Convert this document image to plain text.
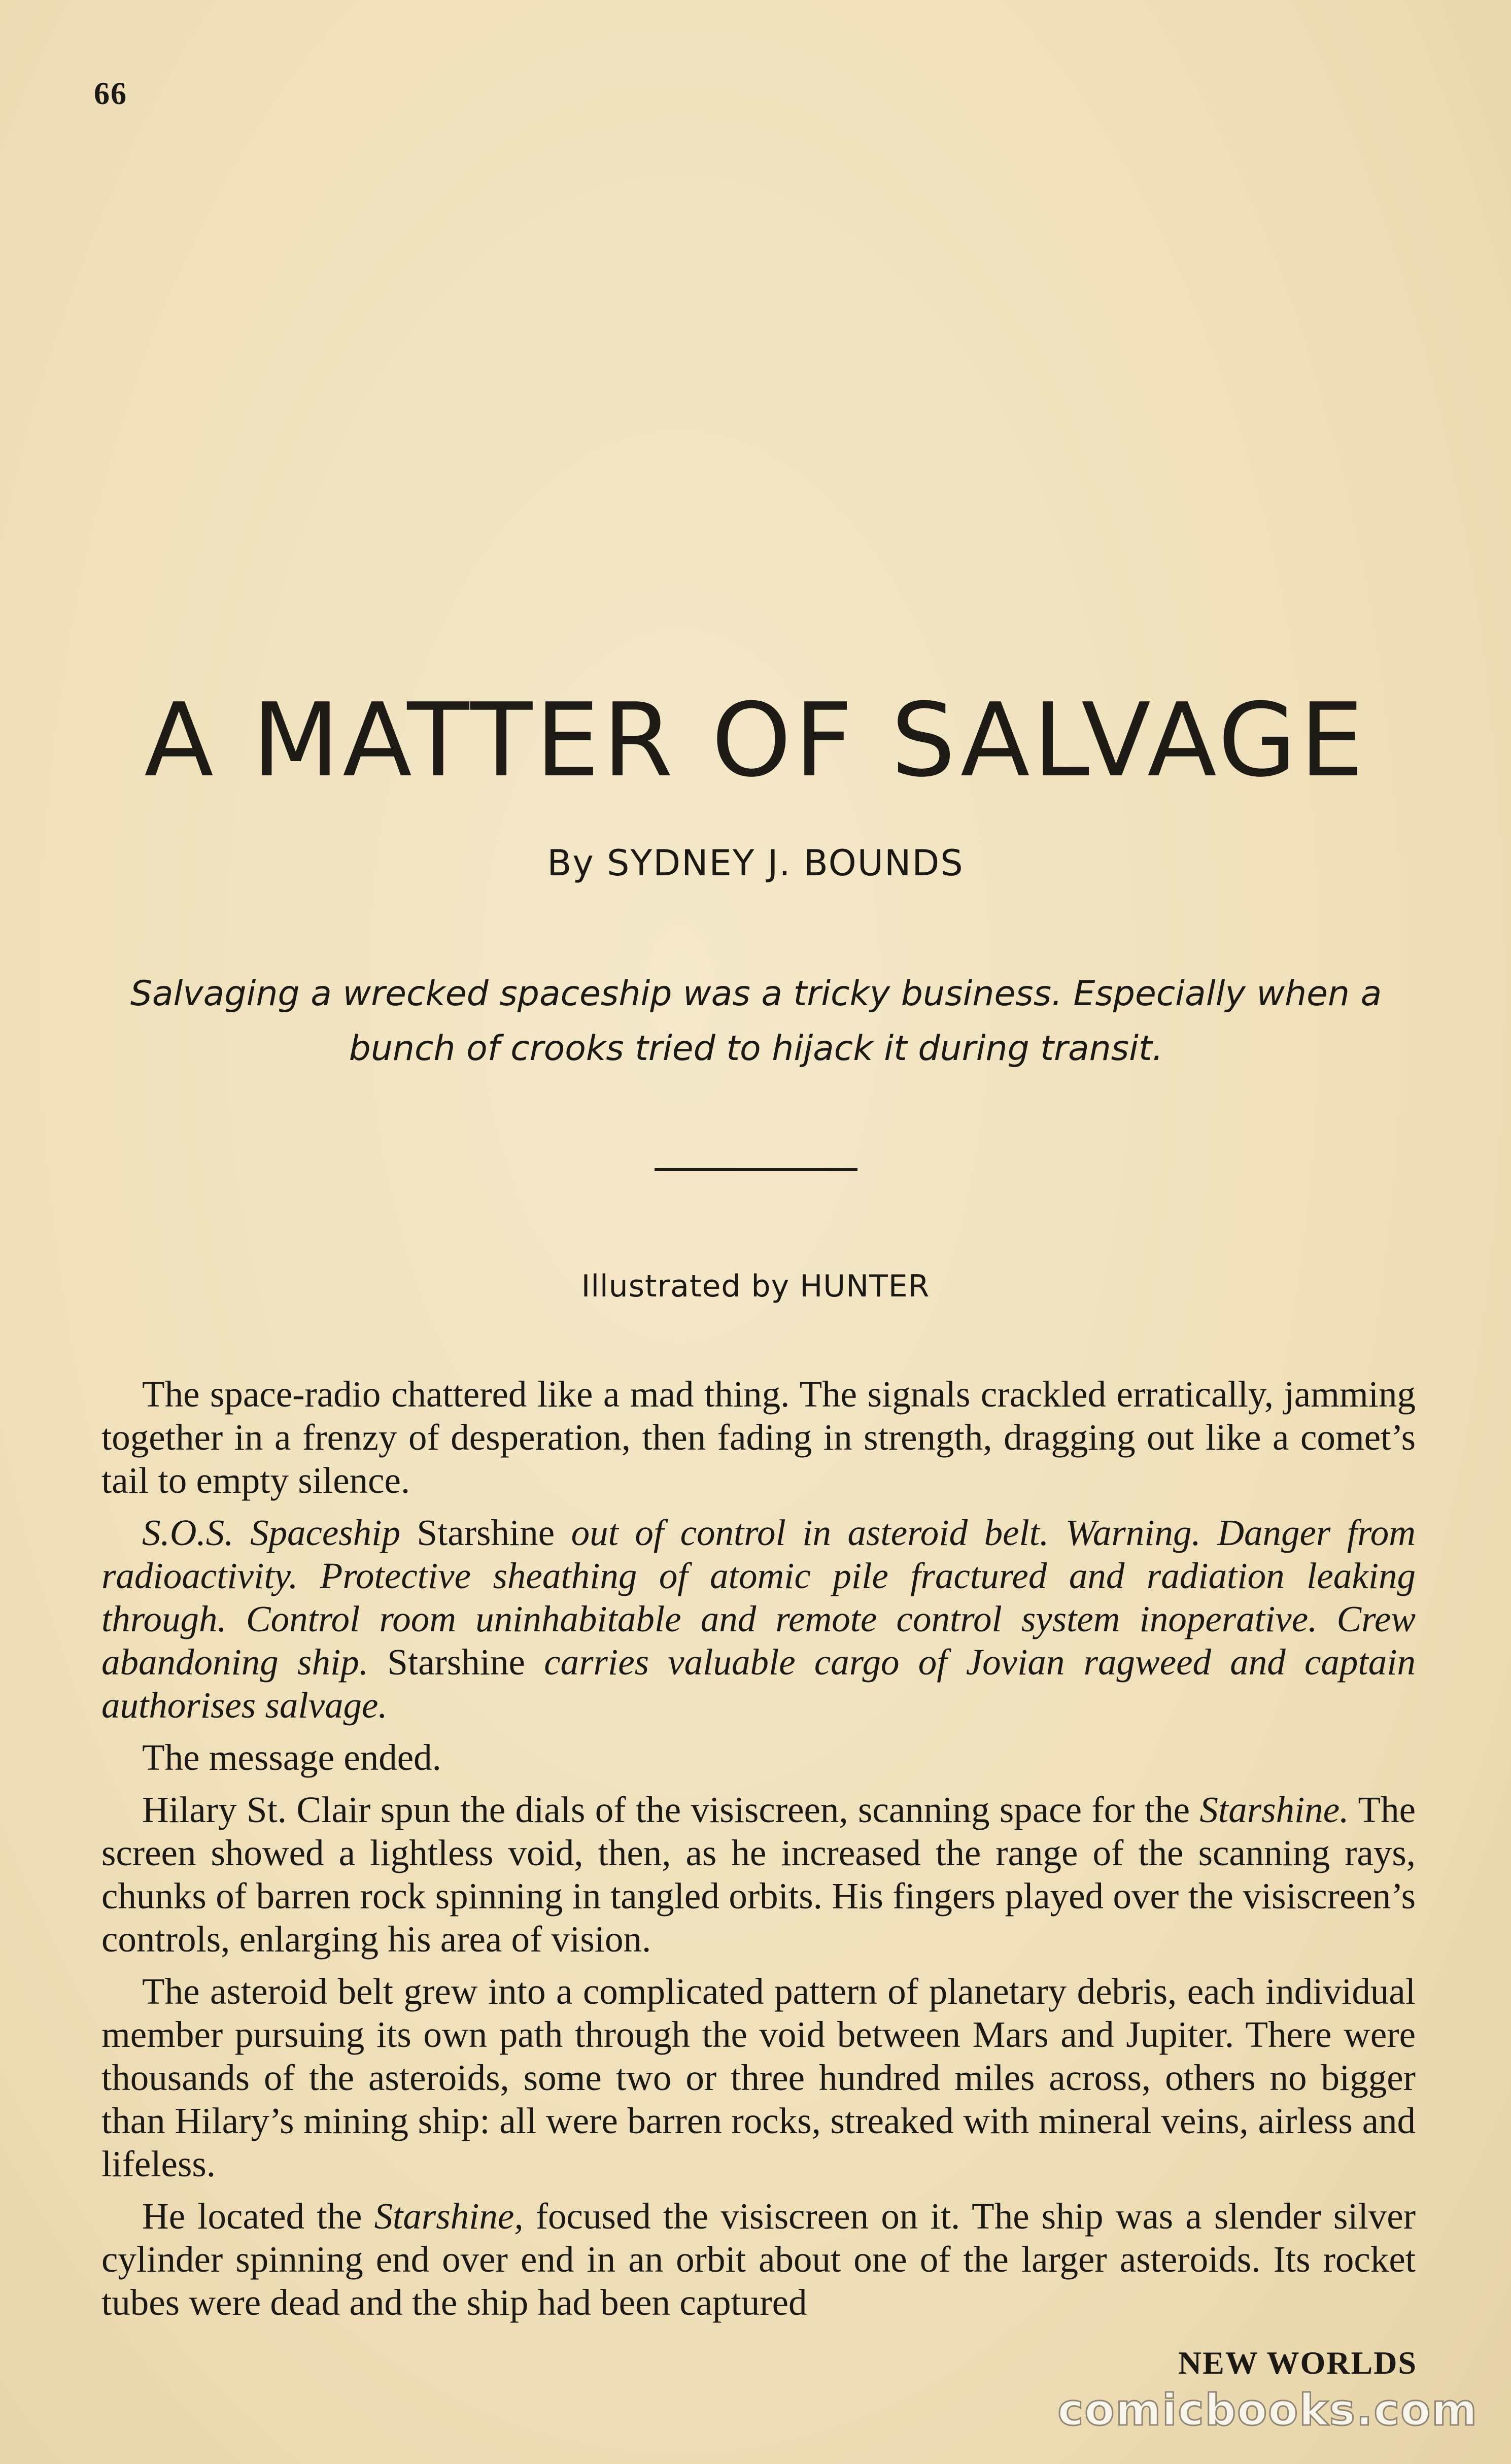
66
A MATTER OF SALVAGE
By SYDNEY J. BOUNDS
Salvaging a wrecked spaceship was a tricky business. Especially when a
bunch of crooks tried to hijack it during transit.
Illustrated by HUNTER

The space-radio chattered like a mad thing. The signals crackled erratically, jamming together in a frenzy of desperation, then fading in strength, dragging out like a comet’s tail to empty silence.

S.O.S. Spaceship Starshine out of control in asteroid belt. Warning. Danger from radioactivity. Protective sheathing of atomic pile fractured and radiation leaking through. Control room uninhabitable and remote control system inoperative. Crew abandoning ship. Starshine carries valuable cargo of Jovian ragweed and captain authorises salvage.

The message ended.

Hilary St. Clair spun the dials of the visiscreen, scanning space for the Starshine. The screen showed a lightless void, then, as he increased the range of the scanning rays, chunks of barren rock spinning in tangled orbits. His fingers played over the visiscreen’s controls, enlarging his area of vision.

The asteroid belt grew into a complicated pattern of planetary debris, each individual member pursuing its own path through the void between Mars and Jupiter. There were thousands of the asteroids, some two or three hundred miles across, others no bigger than Hilary’s mining ship: all were barren rocks, streaked with mineral veins, airless and lifeless.

He located the Starshine, focused the visiscreen on it. The ship was a slender silver cylinder spinning end over end in an orbit about one of the larger asteroids. Its rocket tubes were dead and the ship had been captured

NEW WORLDS
comicbooks.com
